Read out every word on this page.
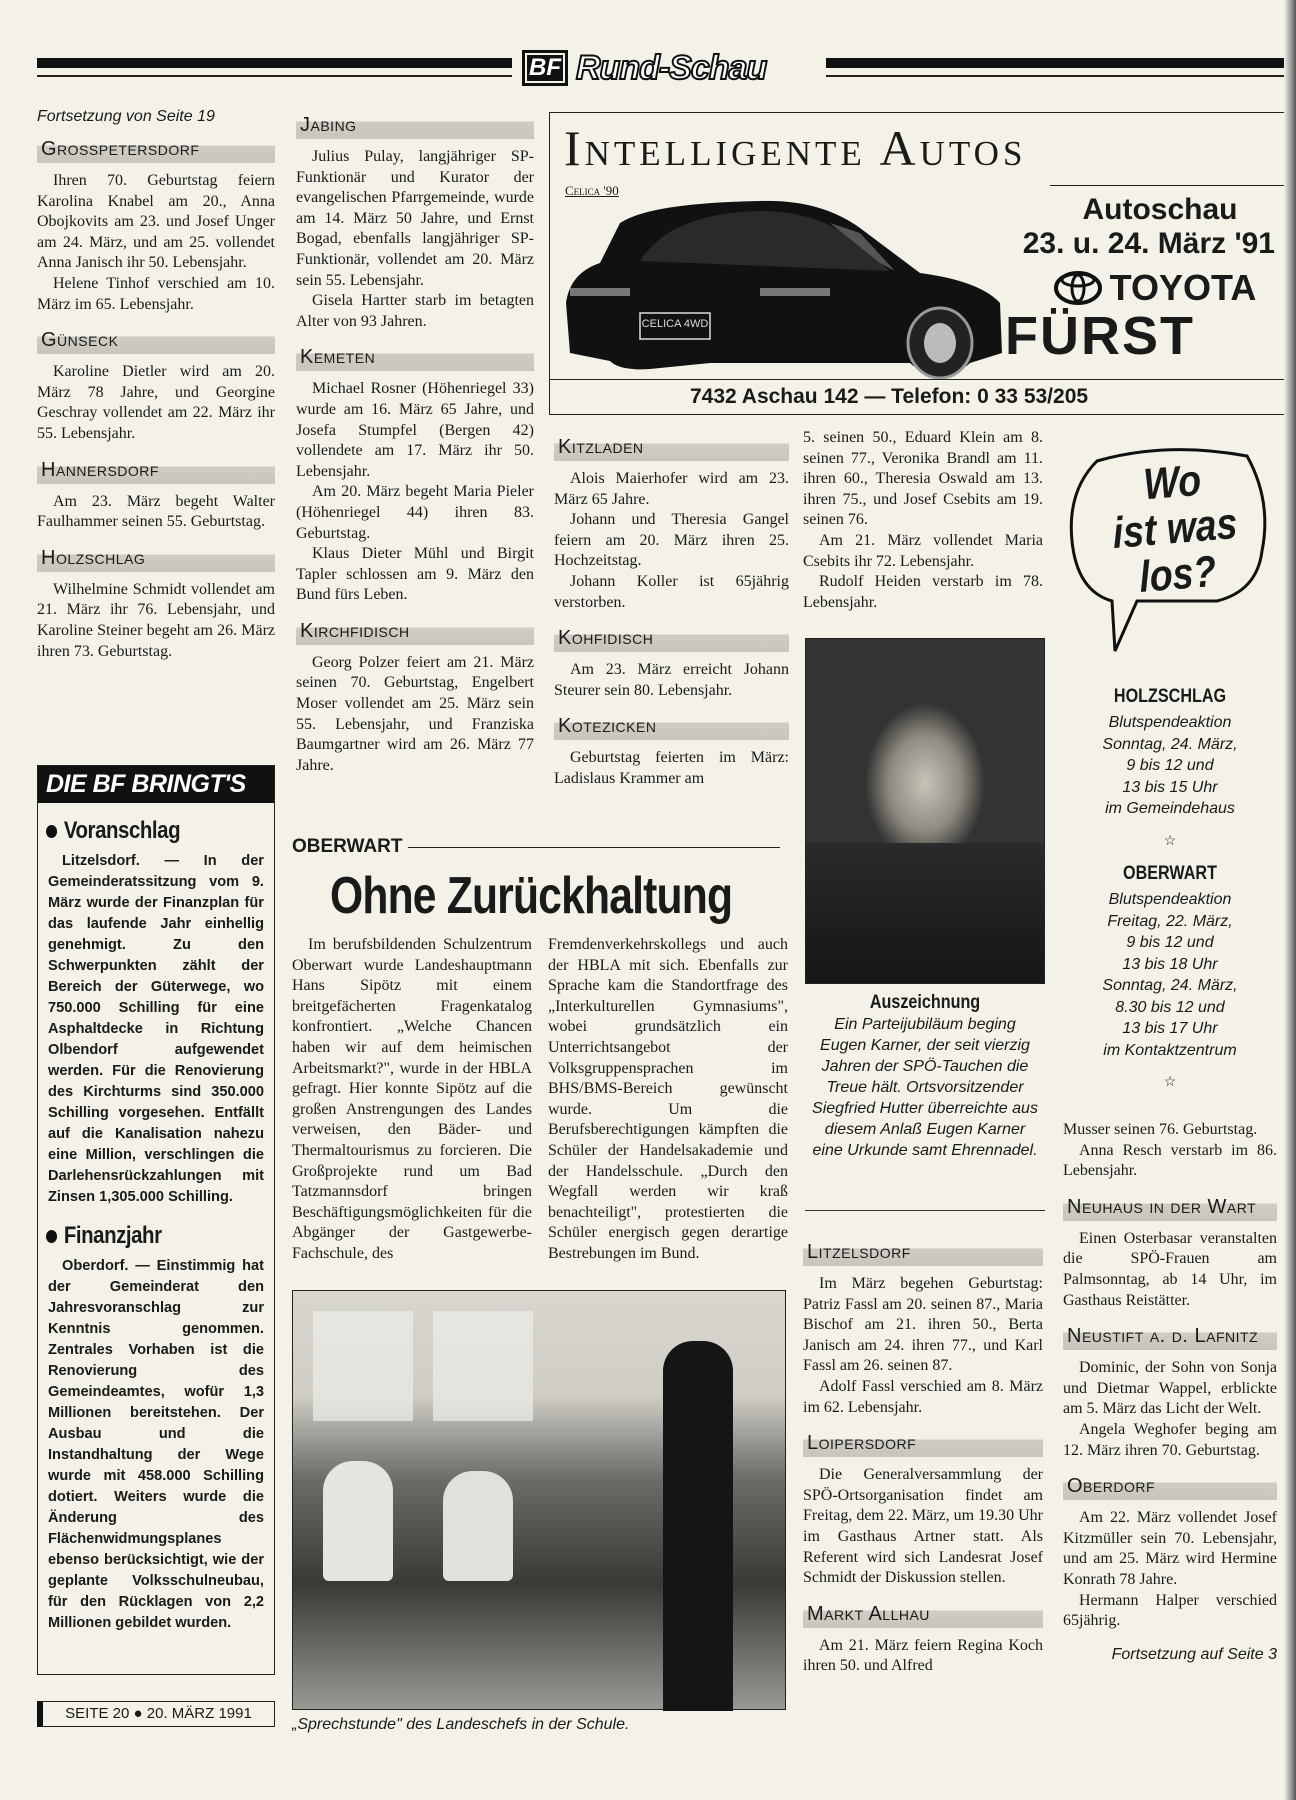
BF Rund-Schau
Fortsetzung von Seite 19
Grosspetersdorf

Ihren 70. Geburtstag feiern Karolina Knabel am 20., Anna Obojkovits am 23. und Josef Unger am 24. März, und am 25. vollendet Anna Janisch ihr 50. Lebensjahr.

Helene Tinhof verschied am 10. März im 65. Lebensjahr.

Günseck

Karoline Dietler wird am 20. März 78 Jahre, und Georgine Geschray vollendet am 22. März ihr 55. Lebensjahr.

Hannersdorf

Am 23. März begeht Walter Faulhammer seinen 55. Geburtstag.

Holzschlag

Wilhelmine Schmidt vollendet am 21. März ihr 76. Lebensjahr, und Karoline Steiner begeht am 26. März ihren 73. Geburtstag.

Jabing

Julius Pulay, langjähriger SP-Funktionär und Kurator der evangelischen Pfarrgemeinde, wurde am 14. März 50 Jahre, und Ernst Bogad, ebenfalls langjähriger SP-Funktionär, vollendet am 20. März sein 55. Lebensjahr.

Gisela Hartter starb im betagten Alter von 93 Jahren.

Kemeten

Michael Rosner (Höhenriegel 33) wurde am 16. März 65 Jahre, und Josefa Stumpfel (Bergen 42) vollendete am 17. März ihr 50. Lebensjahr.

Am 20. März begeht Maria Pieler (Höhenriegel 44) ihren 83. Geburtstag.

Klaus Dieter Mühl und Birgit Tapler schlossen am 9. März den Bund fürs Leben.

Kirchfidisch

Georg Polzer feiert am 21. März seinen 70. Geburtstag, Engelbert Moser vollendet am 25. März sein 55. Lebensjahr, und Franziska Baumgartner wird am 26. März 77 Jahre.

Intelligente Autos
Celica '90
CELICA 4WD
Autoschau
23. u. 24. März '91
TOYOTA
FÜRST
7432 Aschau 142 — Telefon: 0 33 53/205
Kitzladen

Alois Maierhofer wird am 23. März 65 Jahre.

Johann und Theresia Gangel feiern am 20. März ihren 25. Hochzeitstag.

Johann Koller ist 65jährig verstorben.

Kohfidisch

Am 23. März erreicht Johann Steurer sein 80. Lebensjahr.

Kotezicken

Geburtstag feierten im März: Ladislaus Krammer am

5. seinen 50., Eduard Klein am 8. seinen 77., Veronika Brandl am 11. ihren 60., Theresia Oswald am 13. ihren 75., und Josef Csebits am 19. seinen 76.

Am 21. März vollendet Maria Csebits ihr 72. Lebensjahr.

Rudolf Heiden verstarb im 78. Lebensjahr.

Auszeichnung
Ein Parteijubiläum beging Eugen Karner, der seit vierzig Jahren der SPÖ-Tauchen die Treue hält. Ortsvorsitzender Siegfried Hutter überreichte aus diesem Anlaß Eugen Karner eine Urkunde samt Ehrennadel.
Litzelsdorf

Im März begehen Geburtstag: Patriz Fassl am 20. seinen 87., Maria Bischof am 21. ihren 50., Berta Janisch am 24. ihren 77., und Karl Fassl am 26. seinen 87.

Adolf Fassl verschied am 8. März im 62. Lebensjahr.

Loipersdorf

Die Generalversammlung der SPÖ-Ortsorganisation findet am Freitag, dem 22. März, um 19.30 Uhr im Gasthaus Artner statt. Als Referent wird sich Landesrat Josef Schmidt der Diskussion stellen.

Markt Allhau

Am 21. März feiern Regina Koch ihren 50. und Alfred

DIE BF BRINGT'S
Voranschlag

Litzelsdorf. — In der Gemeinderatssitzung vom 9. März wurde der Finanzplan für das laufende Jahr einhellig genehmigt. Zu den Schwerpunkten zählt der Bereich der Güterwege, wo 750.000 Schilling für eine Asphaltdecke in Richtung Olbendorf aufgewendet werden. Für die Renovierung des Kirchturms sind 350.000 Schilling vorgesehen. Entfällt auf die Kanalisation nahezu eine Million, verschlingen die Darlehensrückzahlungen mit Zinsen 1,305.000 Schilling.

Finanzjahr

Oberdorf. — Einstimmig hat der Gemeinderat den Jahresvoranschlag zur Kenntnis genommen. Zentrales Vorhaben ist die Renovierung des Gemeindeamtes, wofür 1,3 Millionen bereitstehen. Der Ausbau und die Instandhaltung der Wege wurde mit 458.000 Schilling dotiert. Weiters wurde die Änderung des Flächenwidmungsplanes ebenso berücksichtigt, wie der geplante Volksschulneubau, für den Rücklagen von 2,2 Millionen gebildet wurden.

SEITE 20 ● 20. MÄRZ 1991
OBERWART
Ohne Zurückhaltung

Im berufsbildenden Schulzentrum Oberwart wurde Landeshauptmann Hans Sipötz mit einem breitgefächerten Fragenkatalog konfrontiert. „Welche Chancen haben wir auf dem heimischen Arbeitsmarkt?", wurde in der HBLA gefragt. Hier konnte Sipötz auf die großen Anstrengungen des Landes verweisen, den Bäder- und Thermaltourismus zu forcieren. Die Großprojekte rund um Bad Tatzmannsdorf bringen Beschäftigungsmöglichkeiten für die Abgänger der Gastgewerbe-Fachschule, des

Fremdenverkehrskollegs und auch der HBLA mit sich. Ebenfalls zur Sprache kam die Standortfrage des „Interkulturellen Gymnasiums", wobei grundsätzlich ein Unterrichtsangebot der Volksgruppensprachen im BHS/BMS-Bereich gewünscht wurde. Um die Berufsberechtigungen kämpften die Schüler der Handelsakademie und der Handelsschule. „Durch den Wegfall werden wir kraß benachteiligt", protestierten die Schüler energisch gegen derartige Bestrebungen im Bund.

„Sprechstunde" des Landeschefs in der Schule.
Wo
ist was
los?
HOLZSCHLAG
Blutspendeaktion
Sonntag, 24. März,
9 bis 12 und
13 bis 15 Uhr
im Gemeindehaus
☆
OBERWART
Blutspendeaktion
Freitag, 22. März,
9 bis 12 und
13 bis 18 Uhr
Sonntag, 24. März,
8.30 bis 12 und
13 bis 17 Uhr
im Kontaktzentrum
☆

Musser seinen 76. Geburtstag.

Anna Resch verstarb im 86. Lebensjahr.

Neuhaus in der Wart

Einen Osterbasar veranstalten die SPÖ-Frauen am Palmsonntag, ab 14 Uhr, im Gasthaus Reistätter.

Neustift a. d. Lafnitz

Dominic, der Sohn von Sonja und Dietmar Wappel, erblickte am 5. März das Licht der Welt.

Angela Weghofer beging am 12. März ihren 70. Geburtstag.

Oberdorf

Am 22. März vollendet Josef Kitzmüller sein 70. Lebensjahr, und am 25. März wird Hermine Konrath 78 Jahre.

Hermann Halper verschied 65jährig.

Fortsetzung auf Seite 3
